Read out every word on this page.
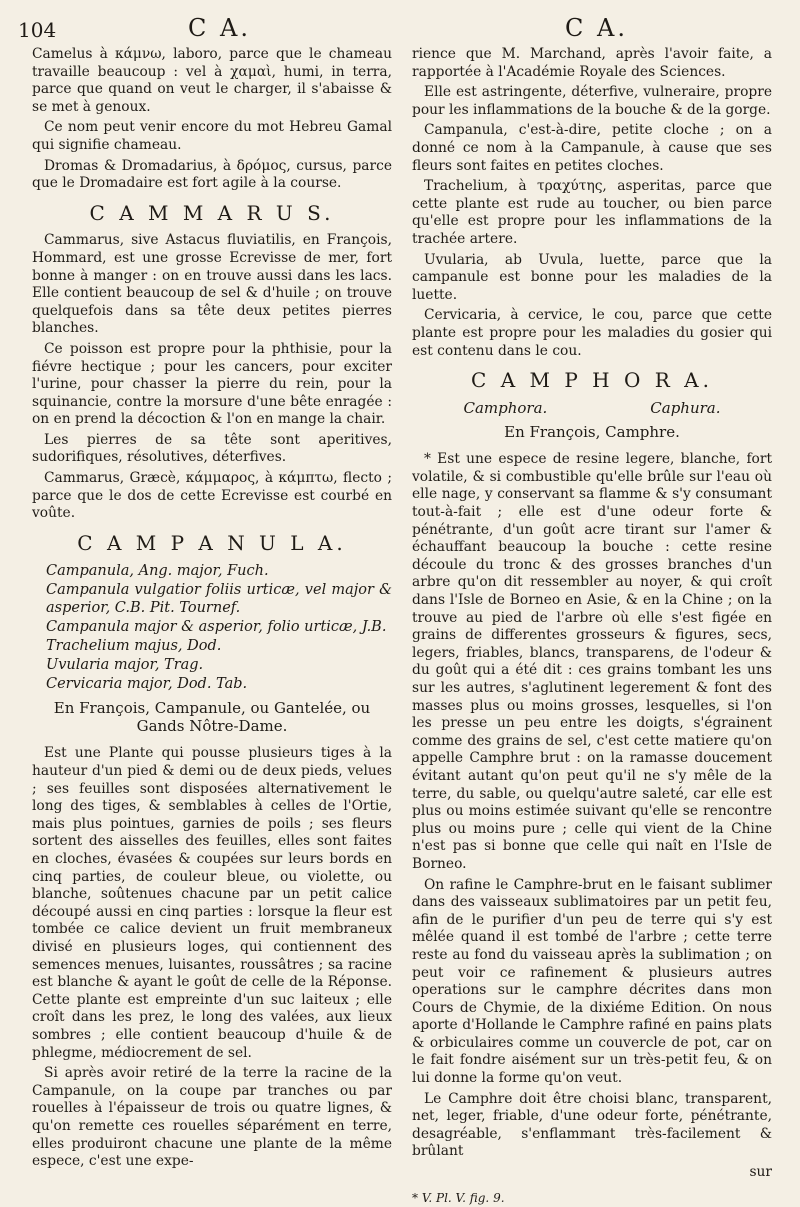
104	C A.	C A.

Camelus à κάμνω, laboro, parce que le chameau travaille beaucoup : vel à χαμαὶ, humi, in terra, parce que quand on veut le charger, il s'abaisse & se met à genoux.

Ce nom peut venir encore du mot Hebreu Gamal qui signifie chameau.

Dromas & Dromadarius, à δρόμος, cursus, parce que le Dromadaire est fort agile à la course.

C A M M A R U S.

Cammarus, sive Astacus fluviatilis, en François, Hommard, est une grosse Ecrevisse de mer, fort bonne à manger : on en trouve aussi dans les lacs. Elle contient beaucoup de sel & d'huile ; on trouve quelquefois dans sa tête deux petites pierres blanches.

Ce poisson est propre pour la phthisie, pour la fiévre hectique ; pour les cancers, pour exciter l'urine, pour chasser la pierre du rein, pour la squinancie, contre la morsure d'une bête enragée : on en prend la décoction & l'on en mange la chair.

Les pierres de sa tête sont aperitives, sudorifiques, résolutives, déterfives.

Cammarus, Græcè, κάμμαρος, à κάμπτω, flecto ; parce que le dos de cette Ecrevisse est courbé en voûte.

C A M P A N U L A.
Campanula, Ang. major, Fuch.
Campanula vulgatior foliis urticæ, vel major & asperior, C.B. Pit. Tournef.
Campanula major & asperior, folio urticæ, J.B.
Trachelium majus, Dod.
Uvularia major, Trag.
Cervicaria major, Dod. Tab.
En François, Campanule, ou Gantelée, ou Gands Nôtre-Dame.

Est une Plante qui pousse plusieurs tiges à la hauteur d'un pied & demi ou de deux pieds, velues ; ses feuilles sont disposées alternativement le long des tiges, & semblables à celles de l'Ortie, mais plus pointues, garnies de poils ; ses fleurs sortent des aisselles des feuilles, elles sont faites en cloches, évasées & coupées sur leurs bords en cinq parties, de couleur bleue, ou violette, ou blanche, soûtenues chacune par un petit calice découpé aussi en cinq parties : lorsque la fleur est tombée ce calice devient un fruit membraneux divisé en plusieurs loges, qui contiennent des semences menues, luisantes, roussâtres ; sa racine est blanche & ayant le goût de celle de la Réponse. Cette plante est empreinte d'un suc laiteux ; elle croît dans les prez, le long des valées, aux lieux sombres ; elle contient beaucoup d'huile & de phlegme, médiocrement de sel.

Si après avoir retiré de la terre la racine de la Campanule, on la coupe par tranches ou par rouelles à l'épaisseur de trois ou quatre lignes, & qu'on remette ces rouelles séparément en terre, elles produiront chacune une plante de la même espece, c'est une expe-

rience que M. Marchand, après l'avoir faite, a rapportée à l'Académie Royale des Sciences.

Elle est astringente, déterfive, vulneraire, propre pour les inflammations de la bouche & de la gorge.

Campanula, c'est-à-dire, petite cloche ; on a donné ce nom à la Campanule, à cause que ses fleurs sont faites en petites cloches.

Trachelium, à τραχύτης, asperitas, parce que cette plante est rude au toucher, ou bien parce qu'elle est propre pour les inflammations de la trachée artere.

Uvularia, ab Uvula, luette, parce que la campanule est bonne pour les maladies de la luette.

Cervicaria, à cervice, le cou, parce que cette plante est propre pour les maladies du gosier qui est contenu dans le cou.

C A M P H O R A.
Camphora.	Caphura.
En François, Camphre.

* Est une espece de resine legere, blanche, fort volatile, & si combustible qu'elle brûle sur l'eau où elle nage, y conservant sa flamme & s'y consumant tout-à-fait ; elle est d'une odeur forte & pénétrante, d'un goût acre tirant sur l'amer & échauffant beaucoup la bouche : cette resine découle du tronc & des grosses branches d'un arbre qu'on dit ressembler au noyer, & qui croît dans l'Isle de Borneo en Asie, & en la Chine ; on la trouve au pied de l'arbre où elle s'est figée en grains de differentes grosseurs & figures, secs, legers, friables, blancs, transparens, de l'odeur & du goût qui a été dit : ces grains tombant les uns sur les autres, s'aglutinent legerement & font des masses plus ou moins grosses, lesquelles, si l'on les presse un peu entre les doigts, s'égrainent comme des grains de sel, c'est cette matiere qu'on appelle Camphre brut : on la ramasse doucement évitant autant qu'on peut qu'il ne s'y mêle de la terre, du sable, ou quelqu'autre saleté, car elle est plus ou moins estimée suivant qu'elle se rencontre plus ou moins pure ; celle qui vient de la Chine n'est pas si bonne que celle qui naît en l'Isle de Borneo.

On rafine le Camphre-brut en le faisant sublimer dans des vaisseaux sublimatoires par un petit feu, afin de le purifier d'un peu de terre qui s'y est mêlée quand il est tombé de l'arbre ; cette terre reste au fond du vaisseau après la sublimation ; on peut voir ce rafinement & plusieurs autres operations sur le camphre décrites dans mon Cours de Chymie, de la dixiéme Edition. On nous aporte d'Hollande le Camphre rafiné en pains plats & orbiculaires comme un couvercle de pot, car on le fait fondre aisément sur un très-petit feu, & on lui donne la forme qu'on veut.

Le Camphre doit être choisi blanc, transparent, net, leger, friable, d'une odeur forte, pénétrante, desagréable, s'enflammant très-facilement & brûlant

sur
* V. Pl. V. fig. 9.
